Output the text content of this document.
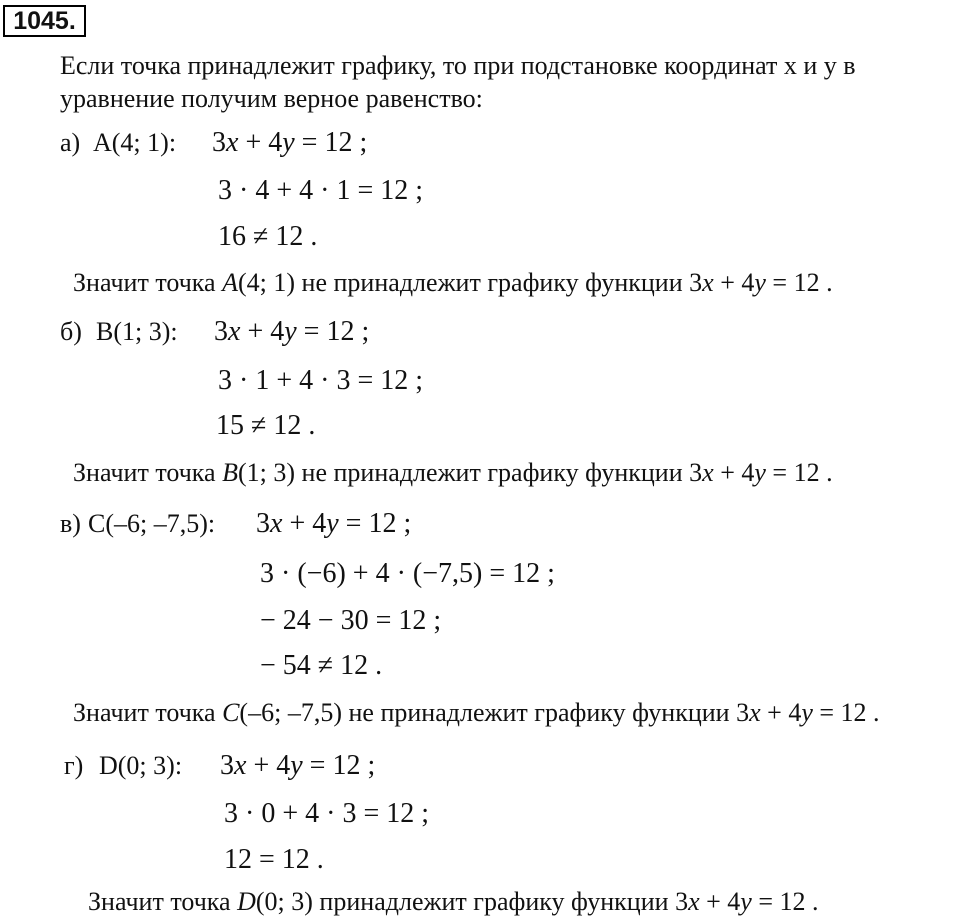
1045.
Если точка принадлежит графику, то при подстановке координат x и y в
уравнение получим верное равенство:
а) A(4; 1): 3x + 4y = 12 ;
3 · 4 + 4 · 1 = 12 ;
16 ≠ 12 .
Значит точка A(4; 1) не принадлежит графику функции 3x + 4y = 12 .
б) B(1; 3): 3x + 4y = 12 ;
3 · 1 + 4 · 3 = 12 ;
15 ≠ 12 .
Значит точка B(1; 3) не принадлежит графику функции 3x + 4y = 12 .
в) C(–6; –7,5): 3x + 4y = 12 ;
3 · (−6) + 4 · (−7,5) = 12 ;
− 24 − 30 = 12 ;
− 54 ≠ 12 .
Значит точка C(–6; –7,5) не принадлежит графику функции 3x + 4y = 12 .
г) D(0; 3): 3x + 4y = 12 ;
3 · 0 + 4 · 3 = 12 ;
12 = 12 .
Значит точка D(0; 3) принадлежит графику функции 3x + 4y = 12 .
